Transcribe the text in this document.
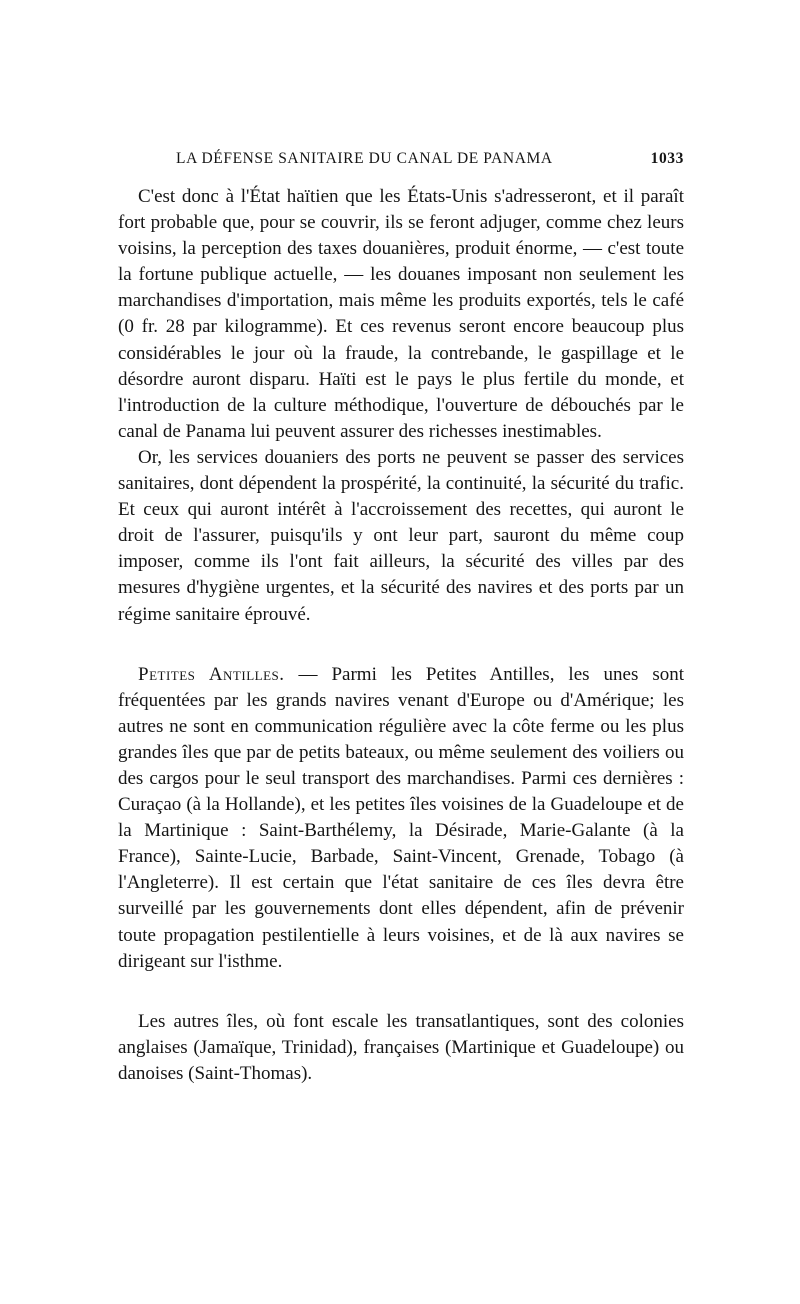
LA DÉFENSE SANITAIRE DU CANAL DE PANAMA	1033

C'est donc à l'État haïtien que les États-Unis s'adresseront, et il paraît fort probable que, pour se couvrir, ils se feront adjuger, comme chez leurs voisins, la perception des taxes douanières, produit énorme, — c'est toute la fortune publique actuelle, — les douanes imposant non seulement les marchandises d'importation, mais même les produits exportés, tels le café (0 fr. 28 par kilogramme). Et ces revenus seront encore beaucoup plus considérables le jour où la fraude, la contrebande, le gaspillage et le désordre auront disparu. Haïti est le pays le plus fertile du monde, et l'introduction de la culture méthodique, l'ouverture de débouchés par le canal de Panama lui peuvent assurer des richesses inestimables.

Or, les services douaniers des ports ne peuvent se passer des services sanitaires, dont dépendent la prospérité, la continuité, la sécurité du trafic. Et ceux qui auront intérêt à l'accroissement des recettes, qui auront le droit de l'assurer, puisqu'ils y ont leur part, sauront du même coup imposer, comme ils l'ont fait ailleurs, la sécurité des villes par des mesures d'hygiène urgentes, et la sécurité des navires et des ports par un régime sanitaire éprouvé.

Petites Antilles. — Parmi les Petites Antilles, les unes sont fréquentées par les grands navires venant d'Europe ou d'Amérique; les autres ne sont en communication régulière avec la côte ferme ou les plus grandes îles que par de petits bateaux, ou même seulement des voiliers ou des cargos pour le seul transport des marchandises. Parmi ces dernières : Curaçao (à la Hollande), et les petites îles voisines de la Guadeloupe et de la Martinique : Saint-Barthélemy, la Désirade, Marie-Galante (à la France), Sainte-Lucie, Barbade, Saint-Vincent, Grenade, Tobago (à l'Angleterre). Il est certain que l'état sanitaire de ces îles devra être surveillé par les gouvernements dont elles dépendent, afin de prévenir toute propagation pestilentielle à leurs voisines, et de là aux navires se dirigeant sur l'isthme.

Les autres îles, où font escale les transatlantiques, sont des colonies anglaises (Jamaïque, Trinidad), françaises (Martinique et Guadeloupe) ou danoises (Saint-Thomas).
